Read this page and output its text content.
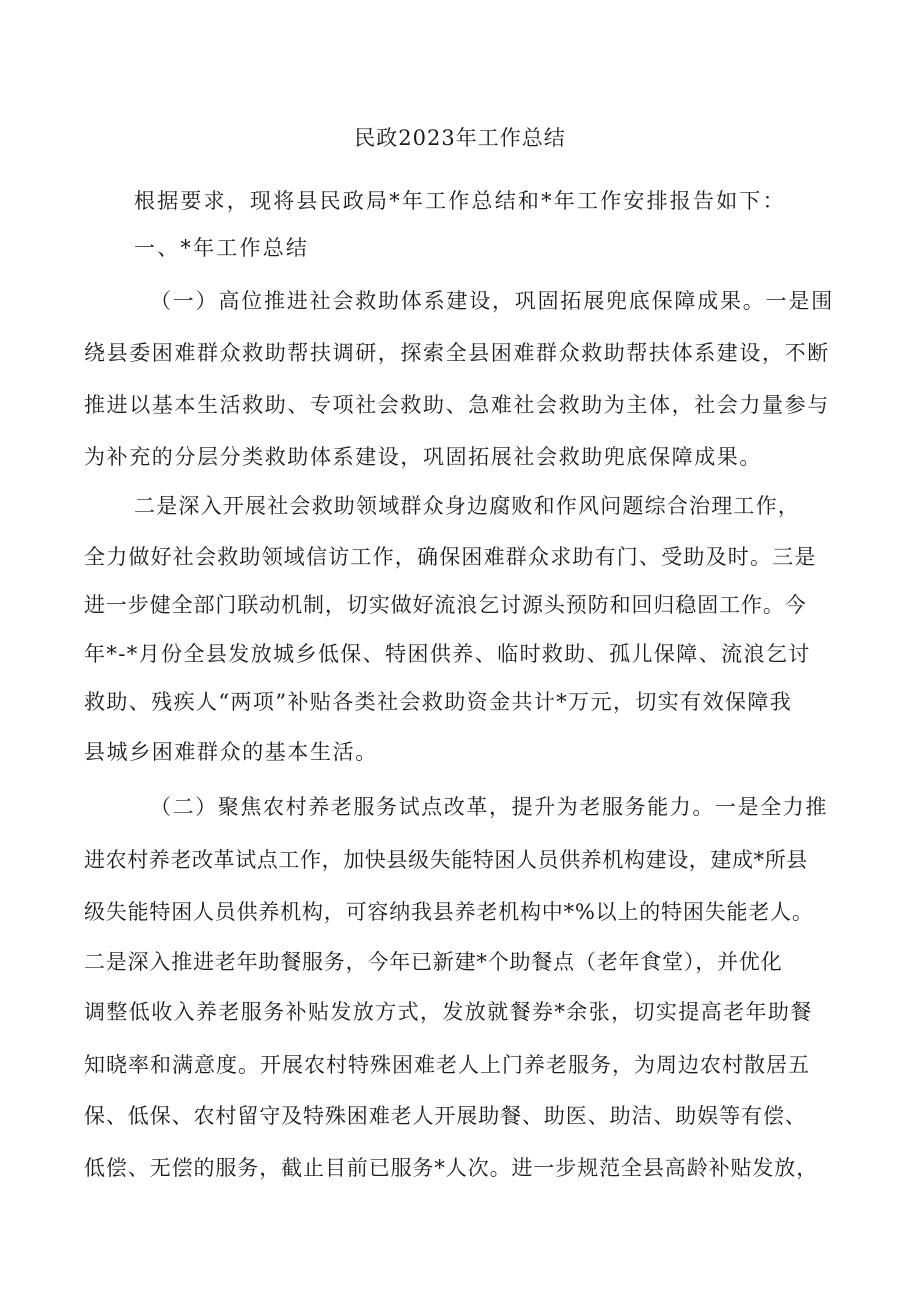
民政2023年工作总结
根据要求，现将县民政局*年工作总结和*年工作安排报告如下：
一、*年工作总结
（一）高位推进社会救助体系建设，巩固拓展兜底保障成果。一是围
绕县委困难群众救助帮扶调研，探索全县困难群众救助帮扶体系建设，不断
推进以基本生活救助、专项社会救助、急难社会救助为主体，社会力量参与
为补充的分层分类救助体系建设，巩固拓展社会救助兜底保障成果。
二是深入开展社会救助领域群众身边腐败和作风问题综合治理工作，
全力做好社会救助领域信访工作，确保困难群众求助有门、受助及时。三是
进一步健全部门联动机制，切实做好流浪乞讨源头预防和回归稳固工作。今
年*-*月份全县发放城乡低保、特困供养、临时救助、孤儿保障、流浪乞讨
救助、残疾人“两项”补贴各类社会救助资金共计*万元，切实有效保障我
县城乡困难群众的基本生活。
（二）聚焦农村养老服务试点改革，提升为老服务能力。一是全力推
进农村养老改革试点工作，加快县级失能特困人员供养机构建设，建成*所县
级失能特困人员供养机构，可容纳我县养老机构中*%以上的特困失能老人。
二是深入推进老年助餐服务，今年已新建*个助餐点（老年食堂），并优化
调整低收入养老服务补贴发放方式，发放就餐券*余张，切实提高老年助餐
知晓率和满意度。开展农村特殊困难老人上门养老服务，为周边农村散居五
保、低保、农村留守及特殊困难老人开展助餐、助医、助洁、助娱等有偿、
低偿、无偿的服务，截止目前已服务*人次。进一步规范全县高龄补贴发放，
